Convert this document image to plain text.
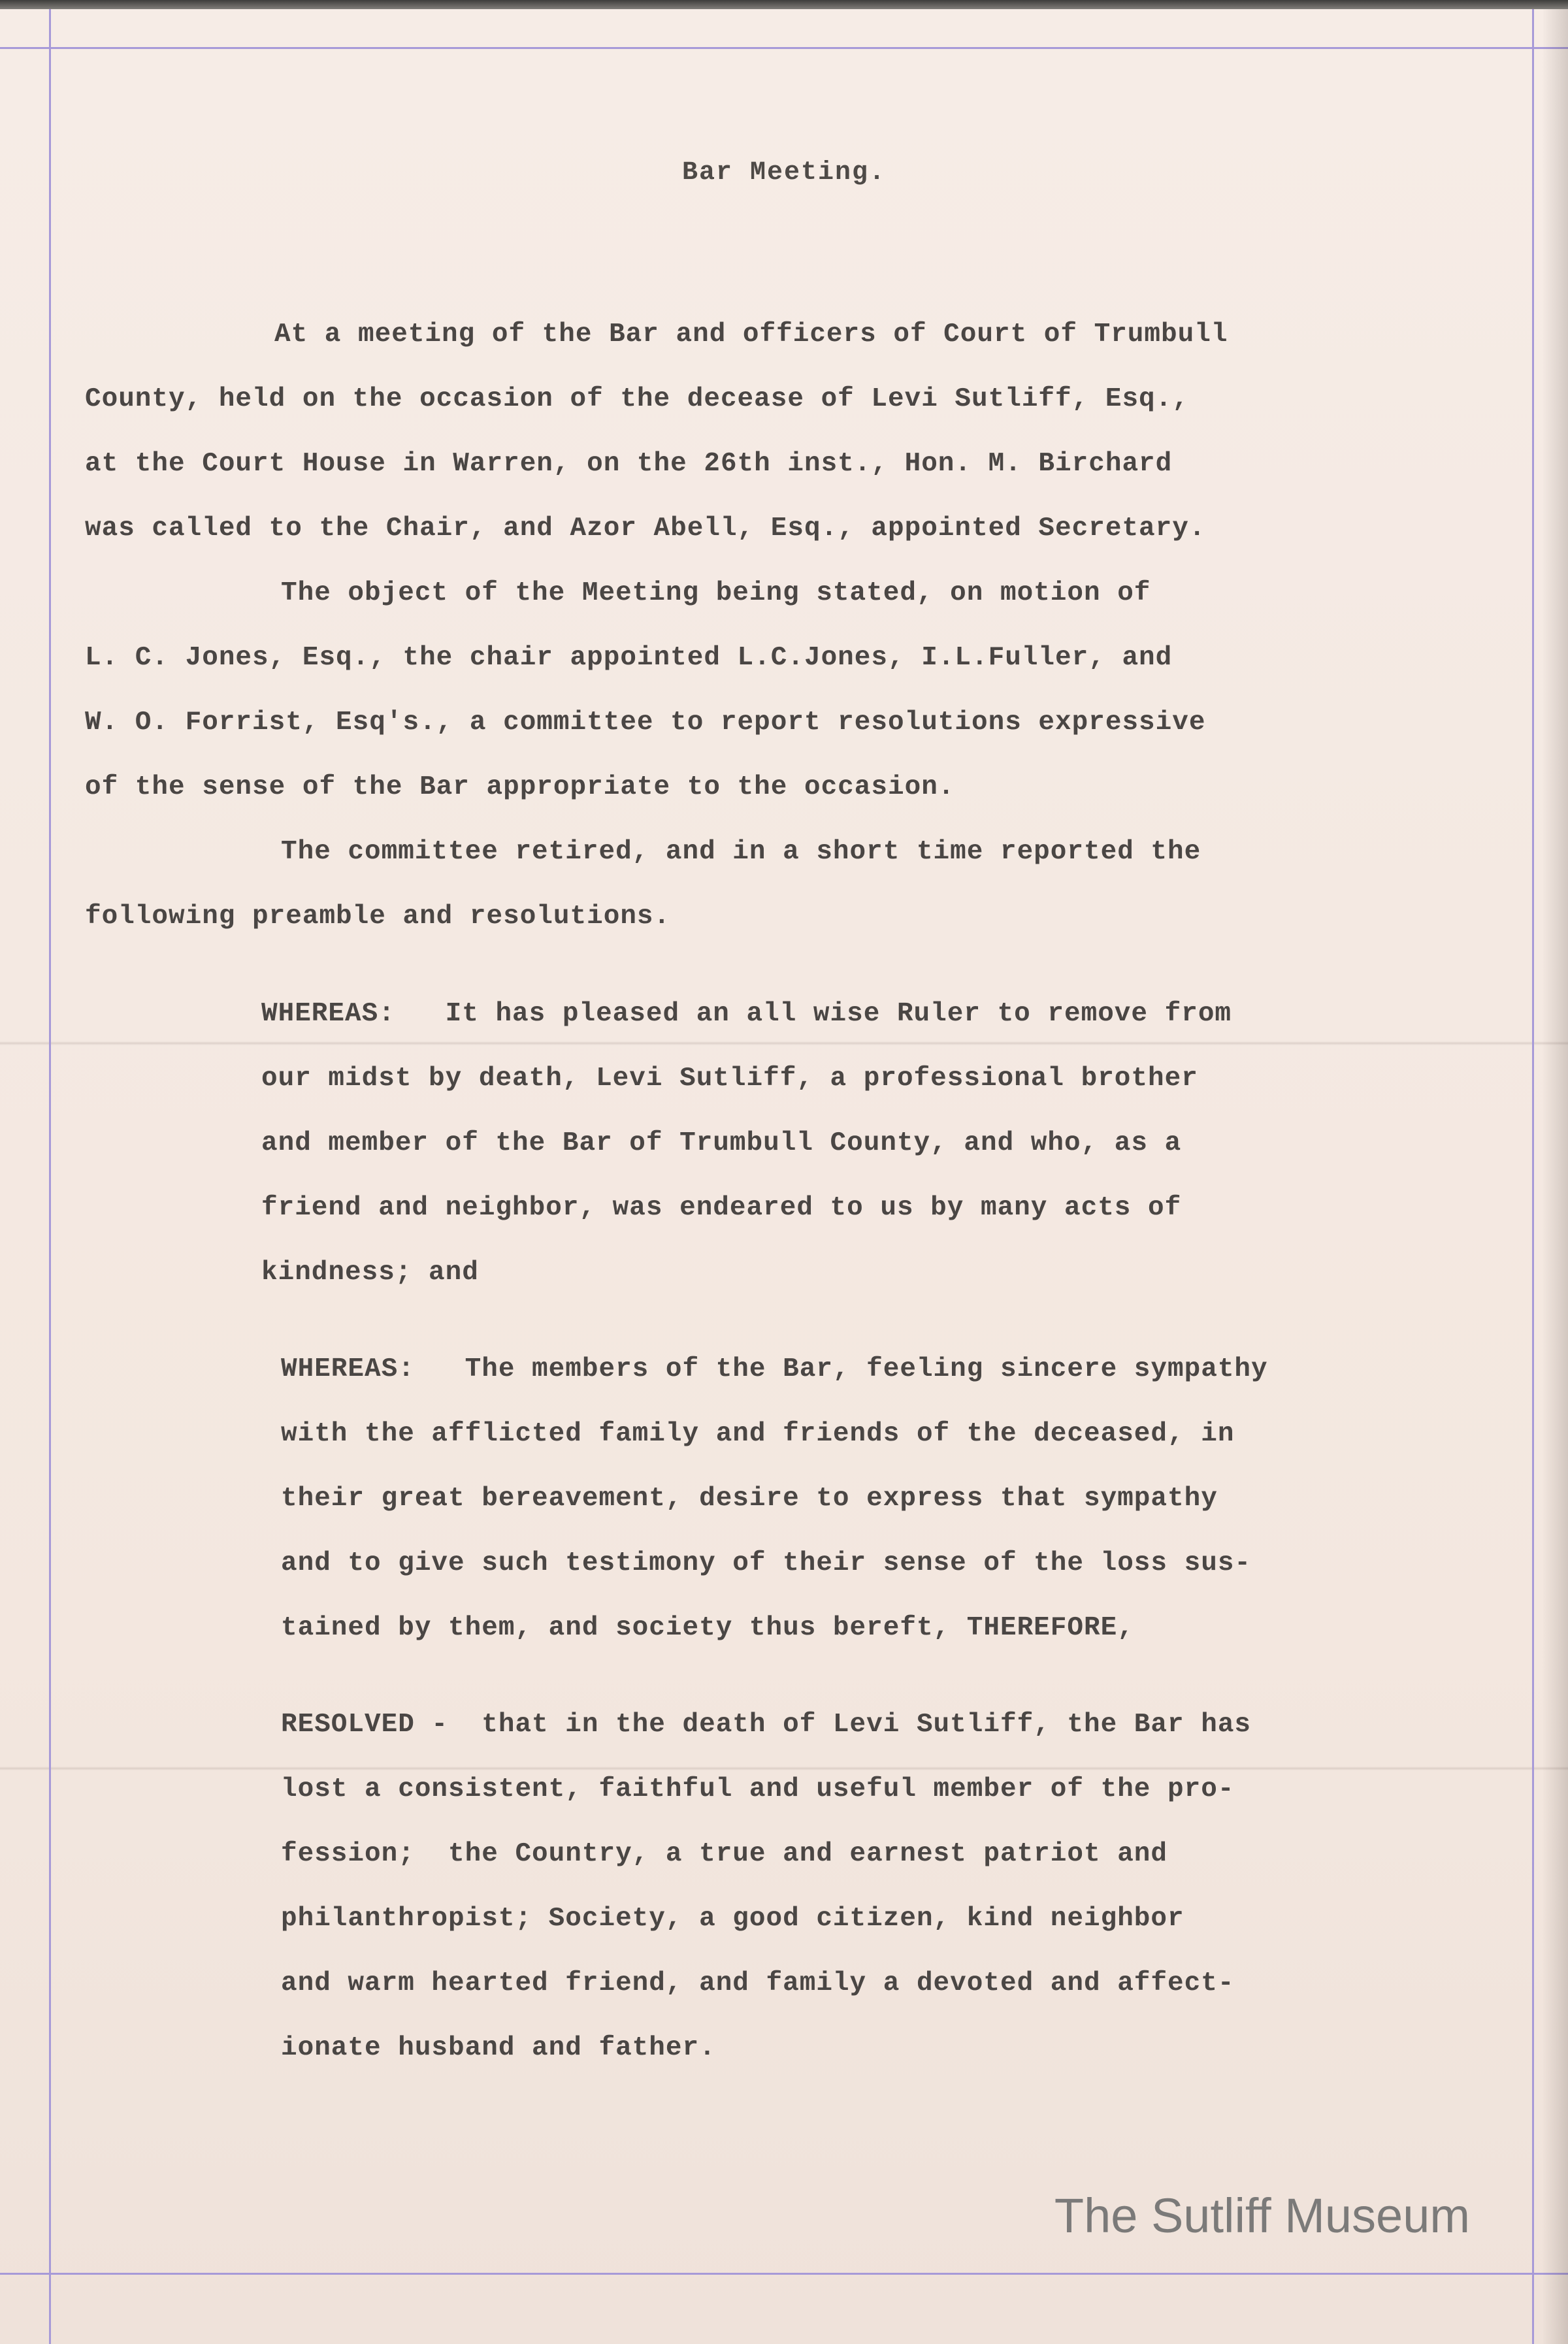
Bar Meeting.
At a meeting of the Bar and officers of Court of Trumbull
County, held on the occasion of the decease of Levi Sutliff, Esq.,
at the Court House in Warren, on the 26th inst., Hon. M. Birchard
was called to the Chair, and Azor Abell, Esq., appointed Secretary.
The object of the Meeting being stated, on motion of
L. C. Jones, Esq., the chair appointed L.C.Jones, I.L.Fuller, and
W. O. Forrist, Esq's., a committee to report resolutions expressive
of the sense of the Bar appropriate to the occasion.
The committee retired, and in a short time reported the
following preamble and resolutions.
WHEREAS:   It has pleased an all wise Ruler to remove from
our midst by death, Levi Sutliff, a professional brother
and member of the Bar of Trumbull County, and who, as a
friend and neighbor, was endeared to us by many acts of
kindness; and
WHEREAS:   The members of the Bar, feeling sincere sympathy
with the afflicted family and friends of the deceased, in
their great bereavement, desire to express that sympathy
and to give such testimony of their sense of the loss sus-
tained by them, and society thus bereft, THEREFORE,
RESOLVED -  that in the death of Levi Sutliff, the Bar has
lost a consistent, faithful and useful member of the pro-
fession;  the Country, a true and earnest patriot and
philanthropist; Society, a good citizen, kind neighbor
and warm hearted friend, and family a devoted and affect-
ionate husband and father.
The Sutliff Museum
